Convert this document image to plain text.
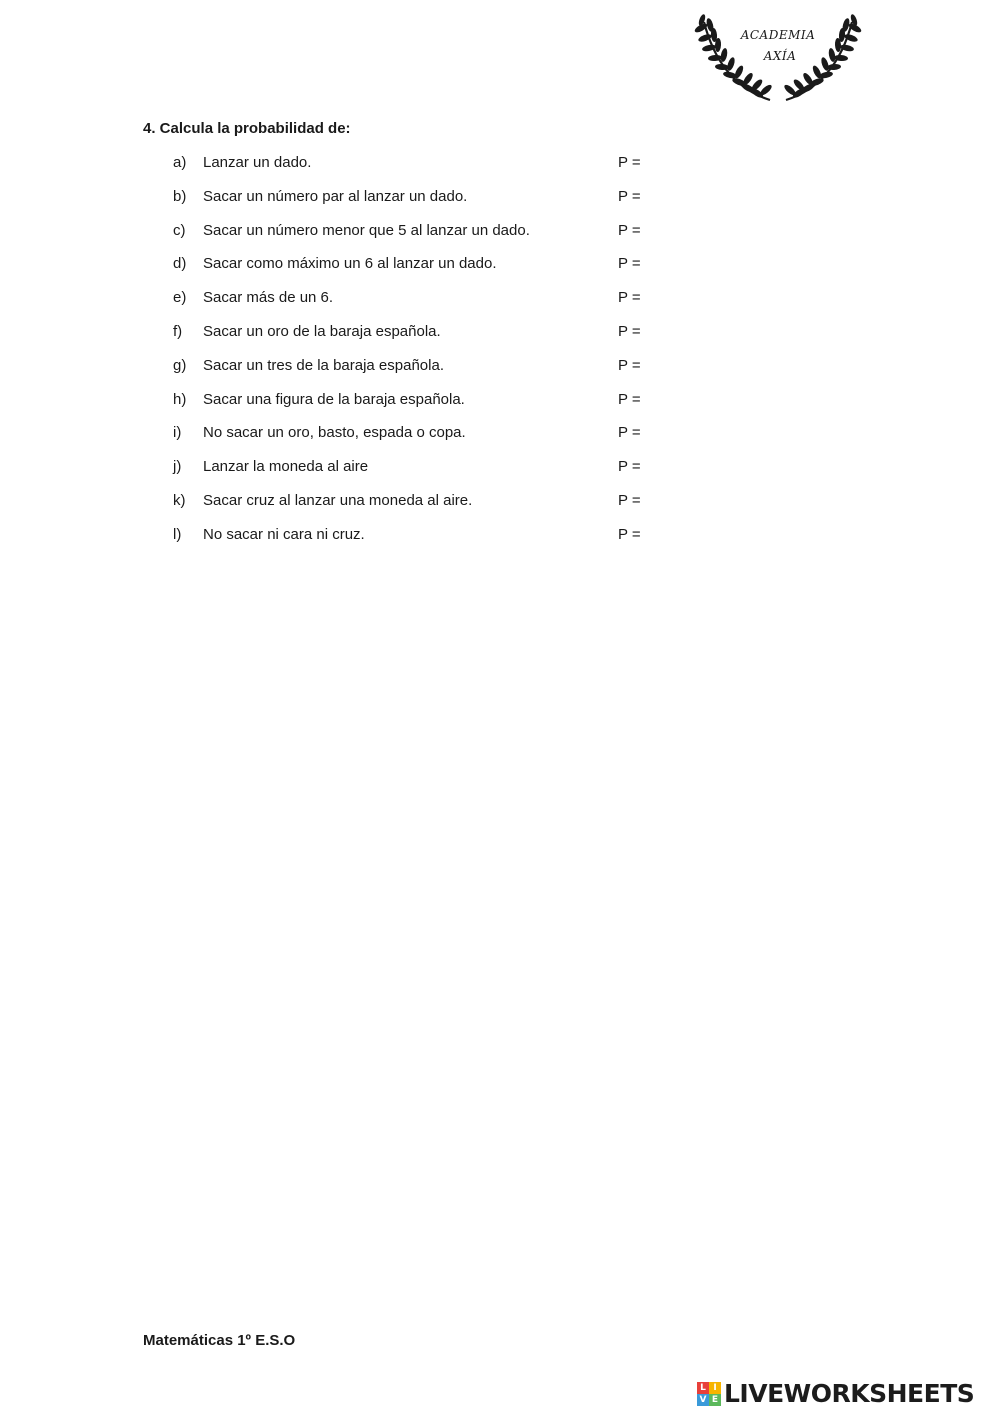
ACADEMIA
AXÍA
4. Calcula la probabilidad de:
a) Lanzar un dado.	P =
b) Sacar un número par al lanzar un dado.	P =
c) Sacar un número menor que 5 al lanzar un dado.	P =
d) Sacar como máximo un 6 al lanzar un dado.	P =
e) Sacar más de un 6.	P =
f) Sacar un oro de la baraja española.	P =
g) Sacar un tres de la baraja española.	P =
h) Sacar una figura de la baraja española.	P =
i) No sacar un oro, basto, espada o copa.	P =
j) Lanzar la moneda al aire	P =
k) Sacar cruz al lanzar una moneda al aire.	P =
l) No sacar ni cara ni cruz.	P =
Matemáticas 1º E.S.O
L I
V E LIVEWORKSHEETS
